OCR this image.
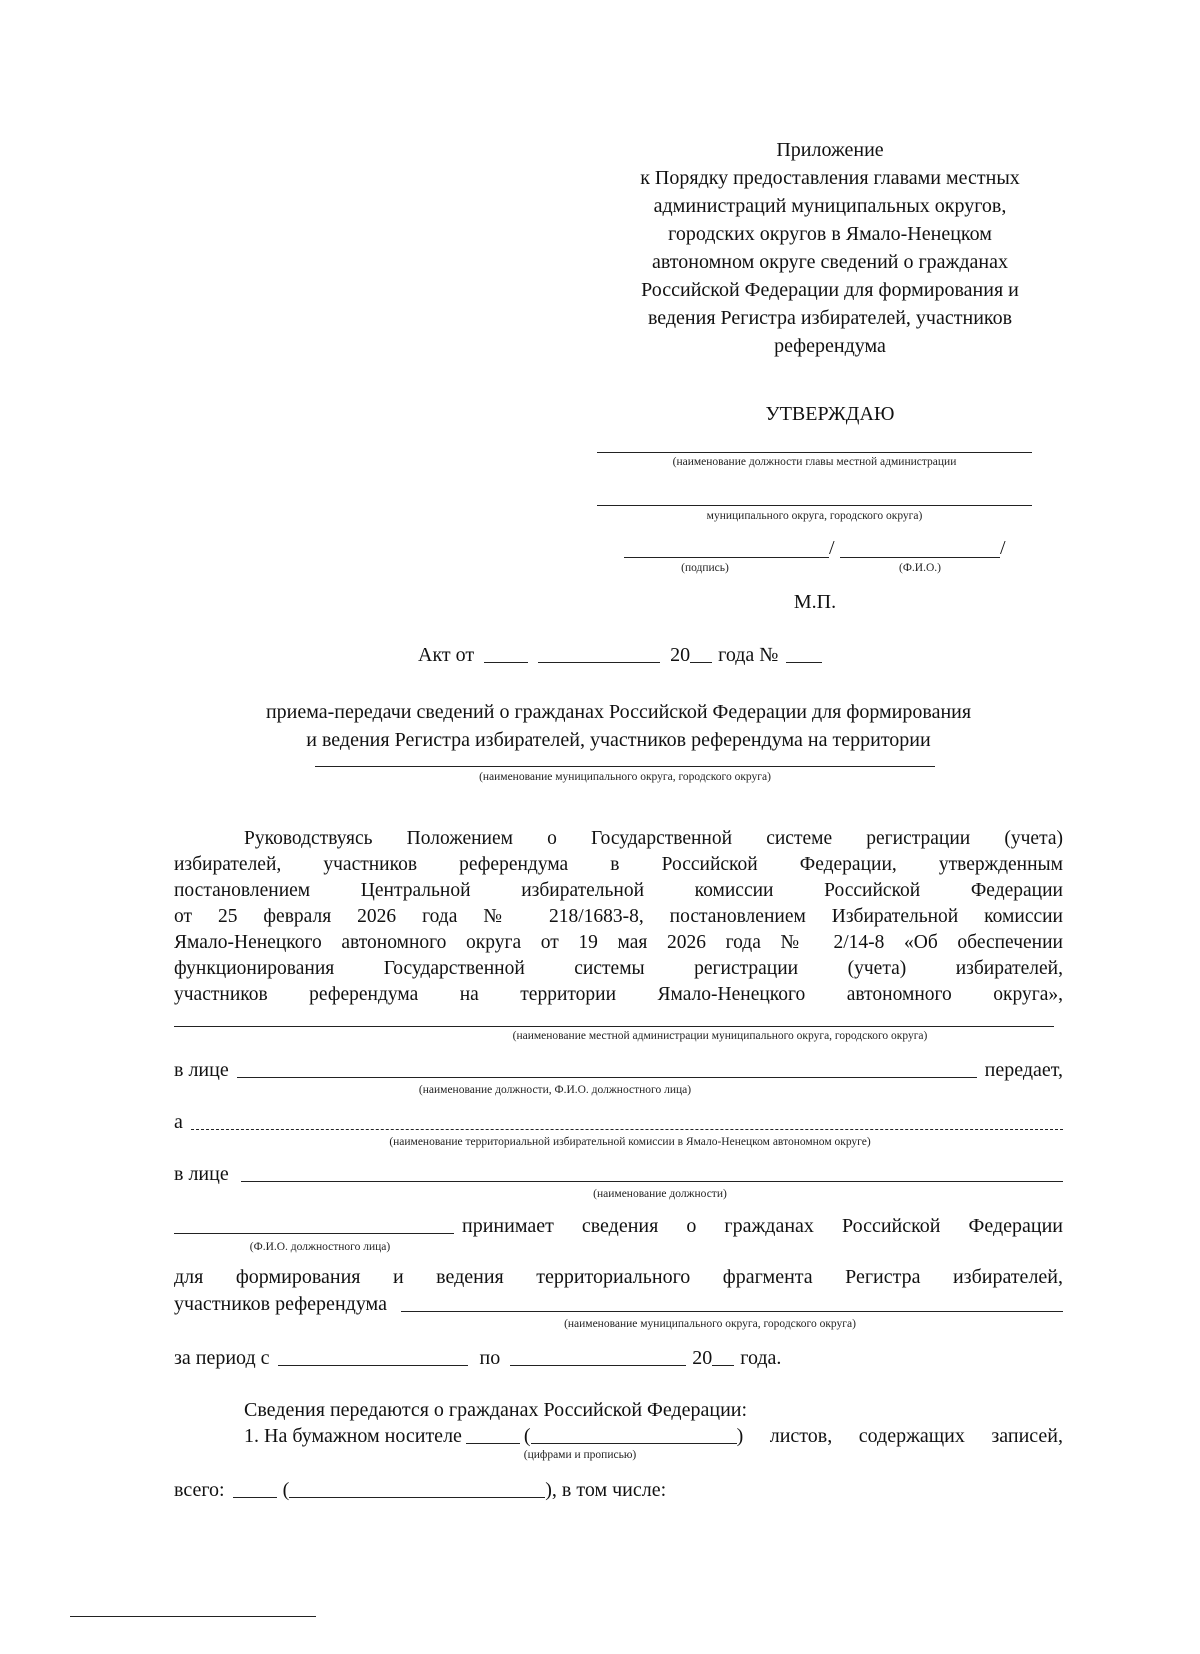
Приложение
к Порядку предоставления главами местных
администраций муниципальных округов,
городских округов в Ямало-Ненецком
автономном округе сведений о гражданах
Российской Федерации для формирования и
ведения Регистра избирателей, участников
референдума
УТВЕРЖДАЮ
(наименование должности главы местной администрации
муниципального округа, городского округа)
/	/
(подпись)	(Ф.И.О.)
М.П.
Акт от	20 года №
приема-передачи сведений о гражданах Российской Федерации для формирования
и ведения Регистра избирателей, участников референдума на территории
(наименование муниципального округа, городского округа)
Руководствуясь Положением о Государственной системе регистрации (учета)
избирателей, участников референдума в Российской Федерации, утвержденным
постановлением Центральной избирательной комиссии Российской Федерации
от 25 февраля 2026 года № 218/1683-8, постановлением Избирательной комиссии
Ямало-Ненецкого автономного округа от 19 мая 2026 года № 2/14-8 «Об обеспечении
функционирования Государственной системы регистрации (учета) избирателей,
участников референдума на территории Ямало-Ненецкого автономного округа»,
(наименование местной администрации муниципального округа, городского округа)
в лице	передает,
(наименование должности, Ф.И.О. должностного лица)
а
(наименование территориальной избирательной комиссии в Ямало-Ненецком автономном округе)
в лице
(наименование должности)
принимает сведения о гражданах Российской Федерации
(Ф.И.О. должностного лица)
для формирования и ведения территориального фрагмента Регистра избирателей,
участников референдума
(наименование муниципального округа, городского округа)
за период с	по	20 года.
Сведения передаются о гражданах Российской Федерации:
1. На бумажном носителе	(	) листов, содержащих записей,
(цифрами и прописью)
всего:	(	), в том числе:
